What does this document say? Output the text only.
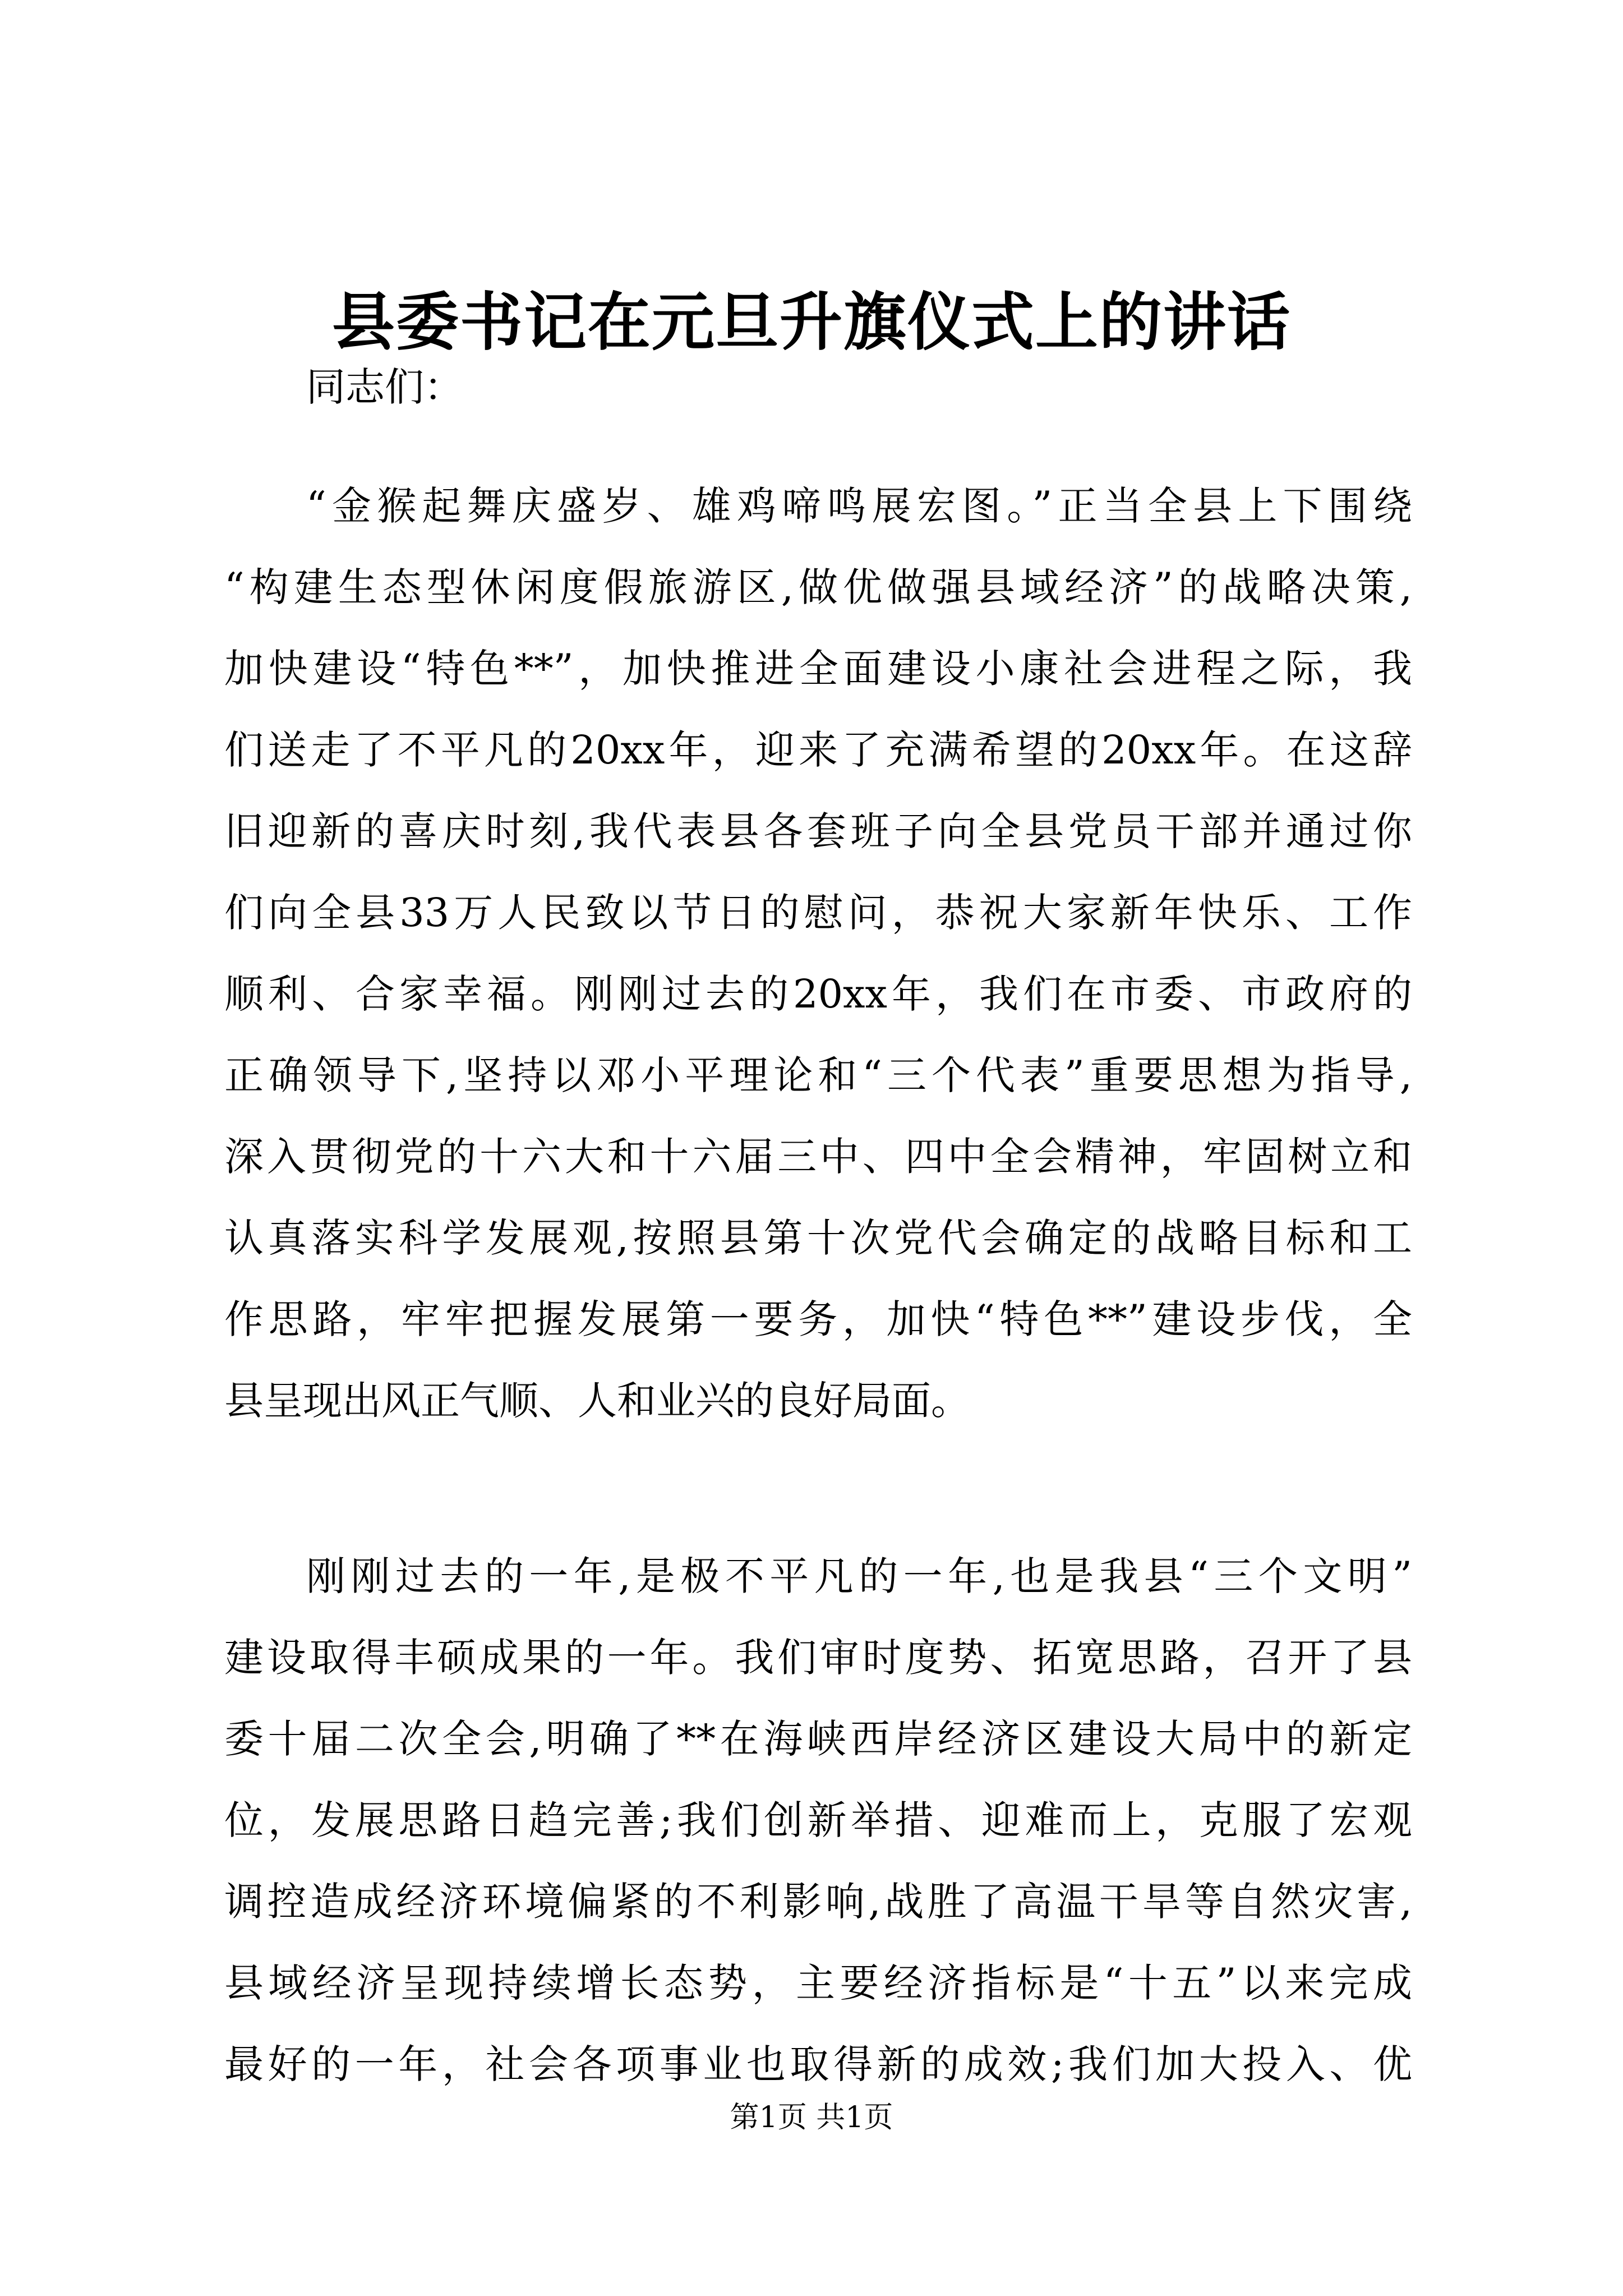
县委书记在元旦升旗仪式上的讲话
同志们：
“金猴起舞庆盛岁、雄鸡啼鸣展宏图。”正当全县上下围绕
“构建生态型休闲度假旅游区,做优做强县域经济”的战略决策,
加快建设“特色**”，加快推进全面建设小康社会进程之际，我
们送走了不平凡的20xx年，迎来了充满希望的20xx年。在这辞
旧迎新的喜庆时刻,我代表县各套班子向全县党员干部并通过你
们向全县33万人民致以节日的慰问，恭祝大家新年快乐、工作
顺利、合家幸福。刚刚过去的20xx年，我们在市委、市政府的
正确领导下,坚持以邓小平理论和“三个代表”重要思想为指导,
深入贯彻党的十六大和十六届三中、四中全会精神，牢固树立和
认真落实科学发展观,按照县第十次党代会确定的战略目标和工
作思路，牢牢把握发展第一要务，加快“特色**”建设步伐，全
县呈现出风正气顺、人和业兴的良好局面。
刚刚过去的一年,是极不平凡的一年,也是我县“三个文明”
建设取得丰硕成果的一年。我们审时度势、拓宽思路，召开了县
委十届二次全会,明确了**在海峡西岸经济区建设大局中的新定
位，发展思路日趋完善;我们创新举措、迎难而上，克服了宏观
调控造成经济环境偏紧的不利影响,战胜了高温干旱等自然灾害,
县域经济呈现持续增长态势，主要经济指标是“十五”以来完成
最好的一年，社会各项事业也取得新的成效;我们加大投入、优
第1页 共1页
